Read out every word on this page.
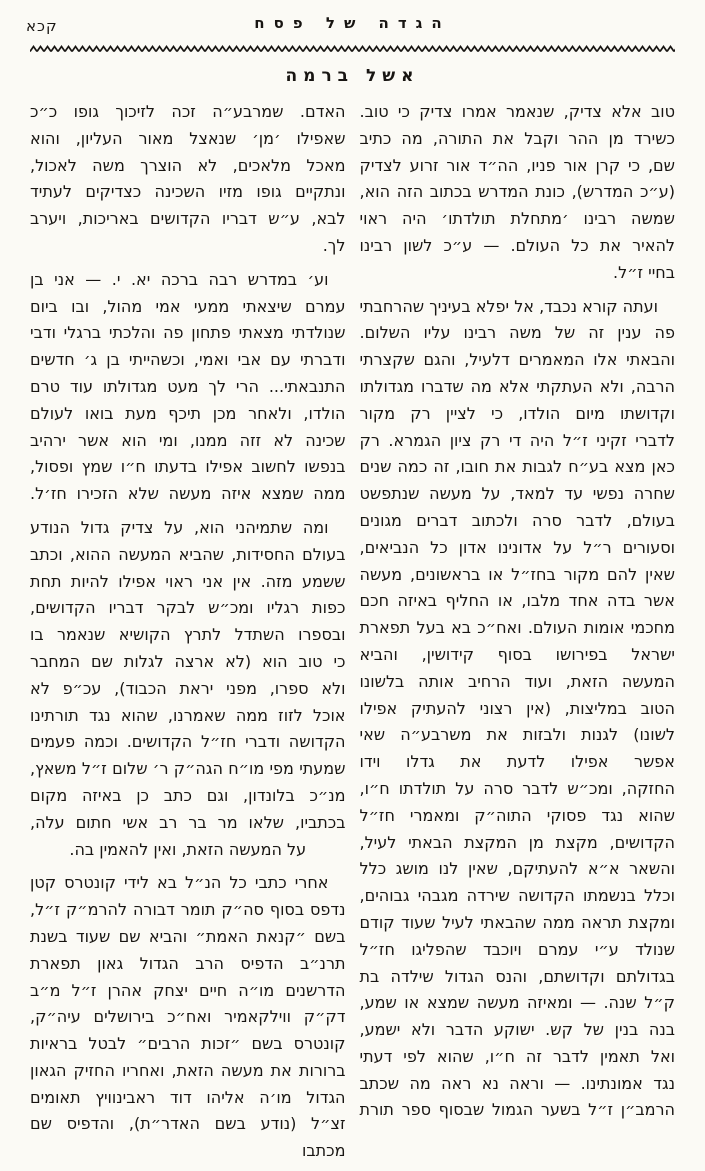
קכא	הגדה של פסח
אשל ברמה
טוב אלא צדיק, שנאמר אמרו צדיק כי טוב.
כשירד מן ההר וקבל את התורה, מה כתיב
שם, כי קרן אור פניו, הה״ד אור זרוע לצדיק
(ע״כ המדרש), כונת המדרש בכתוב הזה הוא,
שמשה רבינו ׳מתחלת תולדתו׳ היה ראוי
להאיר את כל העולם. — ע״כ לשון רבינו
בחיי ז״ל.
ועתה קורא נכבד, אל יפלא בעיניך שהרחבתי
פה ענין זה של משה רבינו עליו השלום.
והבאתי אלו המאמרים דלעיל, והגם שקצרתי
הרבה, ולא העתקתי אלא מה שדברו מגדולתו
וקדושתו מיום הולדו, כי לציין רק מקור
לדברי זקיני ז״ל היה די רק ציון הגמרא. רק
כאן מצא בע״ח לגבות את חובו, זה כמה שנים
שחרה נפשי עד למאד, על מעשה שנתפשט
בעולם, לדבר סרה ולכתוב דברים מגונים
וסעורים ר״ל על אדונינו אדון כל הנביאים,
שאין להם מקור בחז״ל או בראשונים, מעשה
אשר בדה אחד מלבו, או החליף באיזה חכם
מחכמי אומות העולם. ואח״כ בא בעל תפארת
ישראל בפירושו בסוף קידושין, והביא
המעשה הזאת, ועוד הרחיב אותה בלשונו
הטוב במליצות, (אין רצוני להעתיק אפילו
לשונו) לגנות ולבזות את משרבע״ה שאי
אפשר אפילו לדעת את גדלו וידו
החזקה, ומכ״ש לדבר סרה על תולדתו ח״ו,
שהוא נגד פסוקי התוה״ק ומאמרי חז״ל
הקדושים, מקצת מן המקצת הבאתי לעיל,
והשאר א״א להעתיקם, שאין לנו מושג כלל
וכלל בנשמתו הקדושה שירדה מגבהי גבוהים,
ומקצת תראה ממה שהבאתי לעיל שעוד קודם
שנולד ע״י עמרם ויוכבד שהפליגו חז״ל
בגדולתם וקדושתם, והנס הגדול שילדה בת
ק״ל שנה. — ומאיזה מעשה שמצא או שמע,
בנה בנין של קש. ישוקע הדבר ולא ישמע,
ואל תאמין לדבר זה ח״ו, שהוא לפי דעתי
נגד אמונתינו. — וראה נא ראה מה שכתב
הרמב״ן ז״ל בשער הגמול שבסוף ספר תורת
האדם. שמרבע״ה זכה לזיכוך גופו כ״כ
שאפילו ׳מן׳ שנאצל מאור העליון, והוא
מאכל מלאכים, לא הוצרך משה לאכול,
ונתקיים גופו מזיו השכינה כצדיקים לעתיד
לבא, ע״ש דבריו הקדושים באריכות, ויערב
לך.
וע׳ במדרש רבה ברכה יא. י. — אני בן
עמרם שיצאתי ממעי אמי מהול, ובו ביום
שנולדתי מצאתי פתחון פה והלכתי ברגלי ודבי
ודברתי עם אבי ואמי, וכשהייתי בן ג׳ חדשים
התנבאתי... הרי לך מעט מגדולתו עוד טרם
הולדו, ולאחר מכן תיכף מעת בואו לעולם
שכינה לא זזה ממנו, ומי הוא אשר ירהיב
בנפשו לחשוב אפילו בדעתו ח״ו שמץ ופסול,
ממה שמצא איזה מעשה שלא הזכירו חז׳ל.
ומה שתמיהני הוא, על צדיק גדול הנודע
בעולם החסידות, שהביא המעשה ההוא, וכתב
ששמע מזה. אין אני ראוי אפילו להיות תחת
כפות רגליו ומכ״ש לבקר דבריו הקדושים,
ובספרו השתדל לתרץ הקושיא שנאמר בו
כי טוב הוא (לא ארצה לגלות שם המחבר
ולא ספרו, מפני יראת הכבוד), עכ״פ לא
אוכל לזוז ממה שאמרנו, שהוא נגד תורתינו
הקדושה ודברי חז״ל הקדושים. וכמה פעמים
שמעתי מפי מו״ח הגה״ק ר׳ שלום ז״ל משאץ,
מנ״כ בלונדון, וגם כתב כן באיזה מקום
בכתביו, שלאו מר בר רב אשי חתום עלה,
על המעשה הזאת, ואין להאמין בה.
אחרי כתבי כל הנ״ל בא לידי קונטרס קטן
נדפס בסוף סה״ק תומר דבורה להרמ״ק ז״ל,
בשם ״קנאת האמת״ והביא שם שעוד בשנת
תרנ״ב הדפיס הרב הגדול גאון תפארת
הדרשנים מו״ה חיים יצחק אהרן ז״ל מ״ב
דק״ק ווילקאמיר ואח״כ בירושלים עיה״ק,
קונטרס בשם ״זכות הרבים״ לבטל בראיות
ברורות את מעשה הזאת, ואחריו החזיק הגאון
הגדול מו׳ה אליהו דוד ראבינוויץ תאומים
זצ״ל (נודע בשם האדר״ת), והדפיס שם מכתבו
